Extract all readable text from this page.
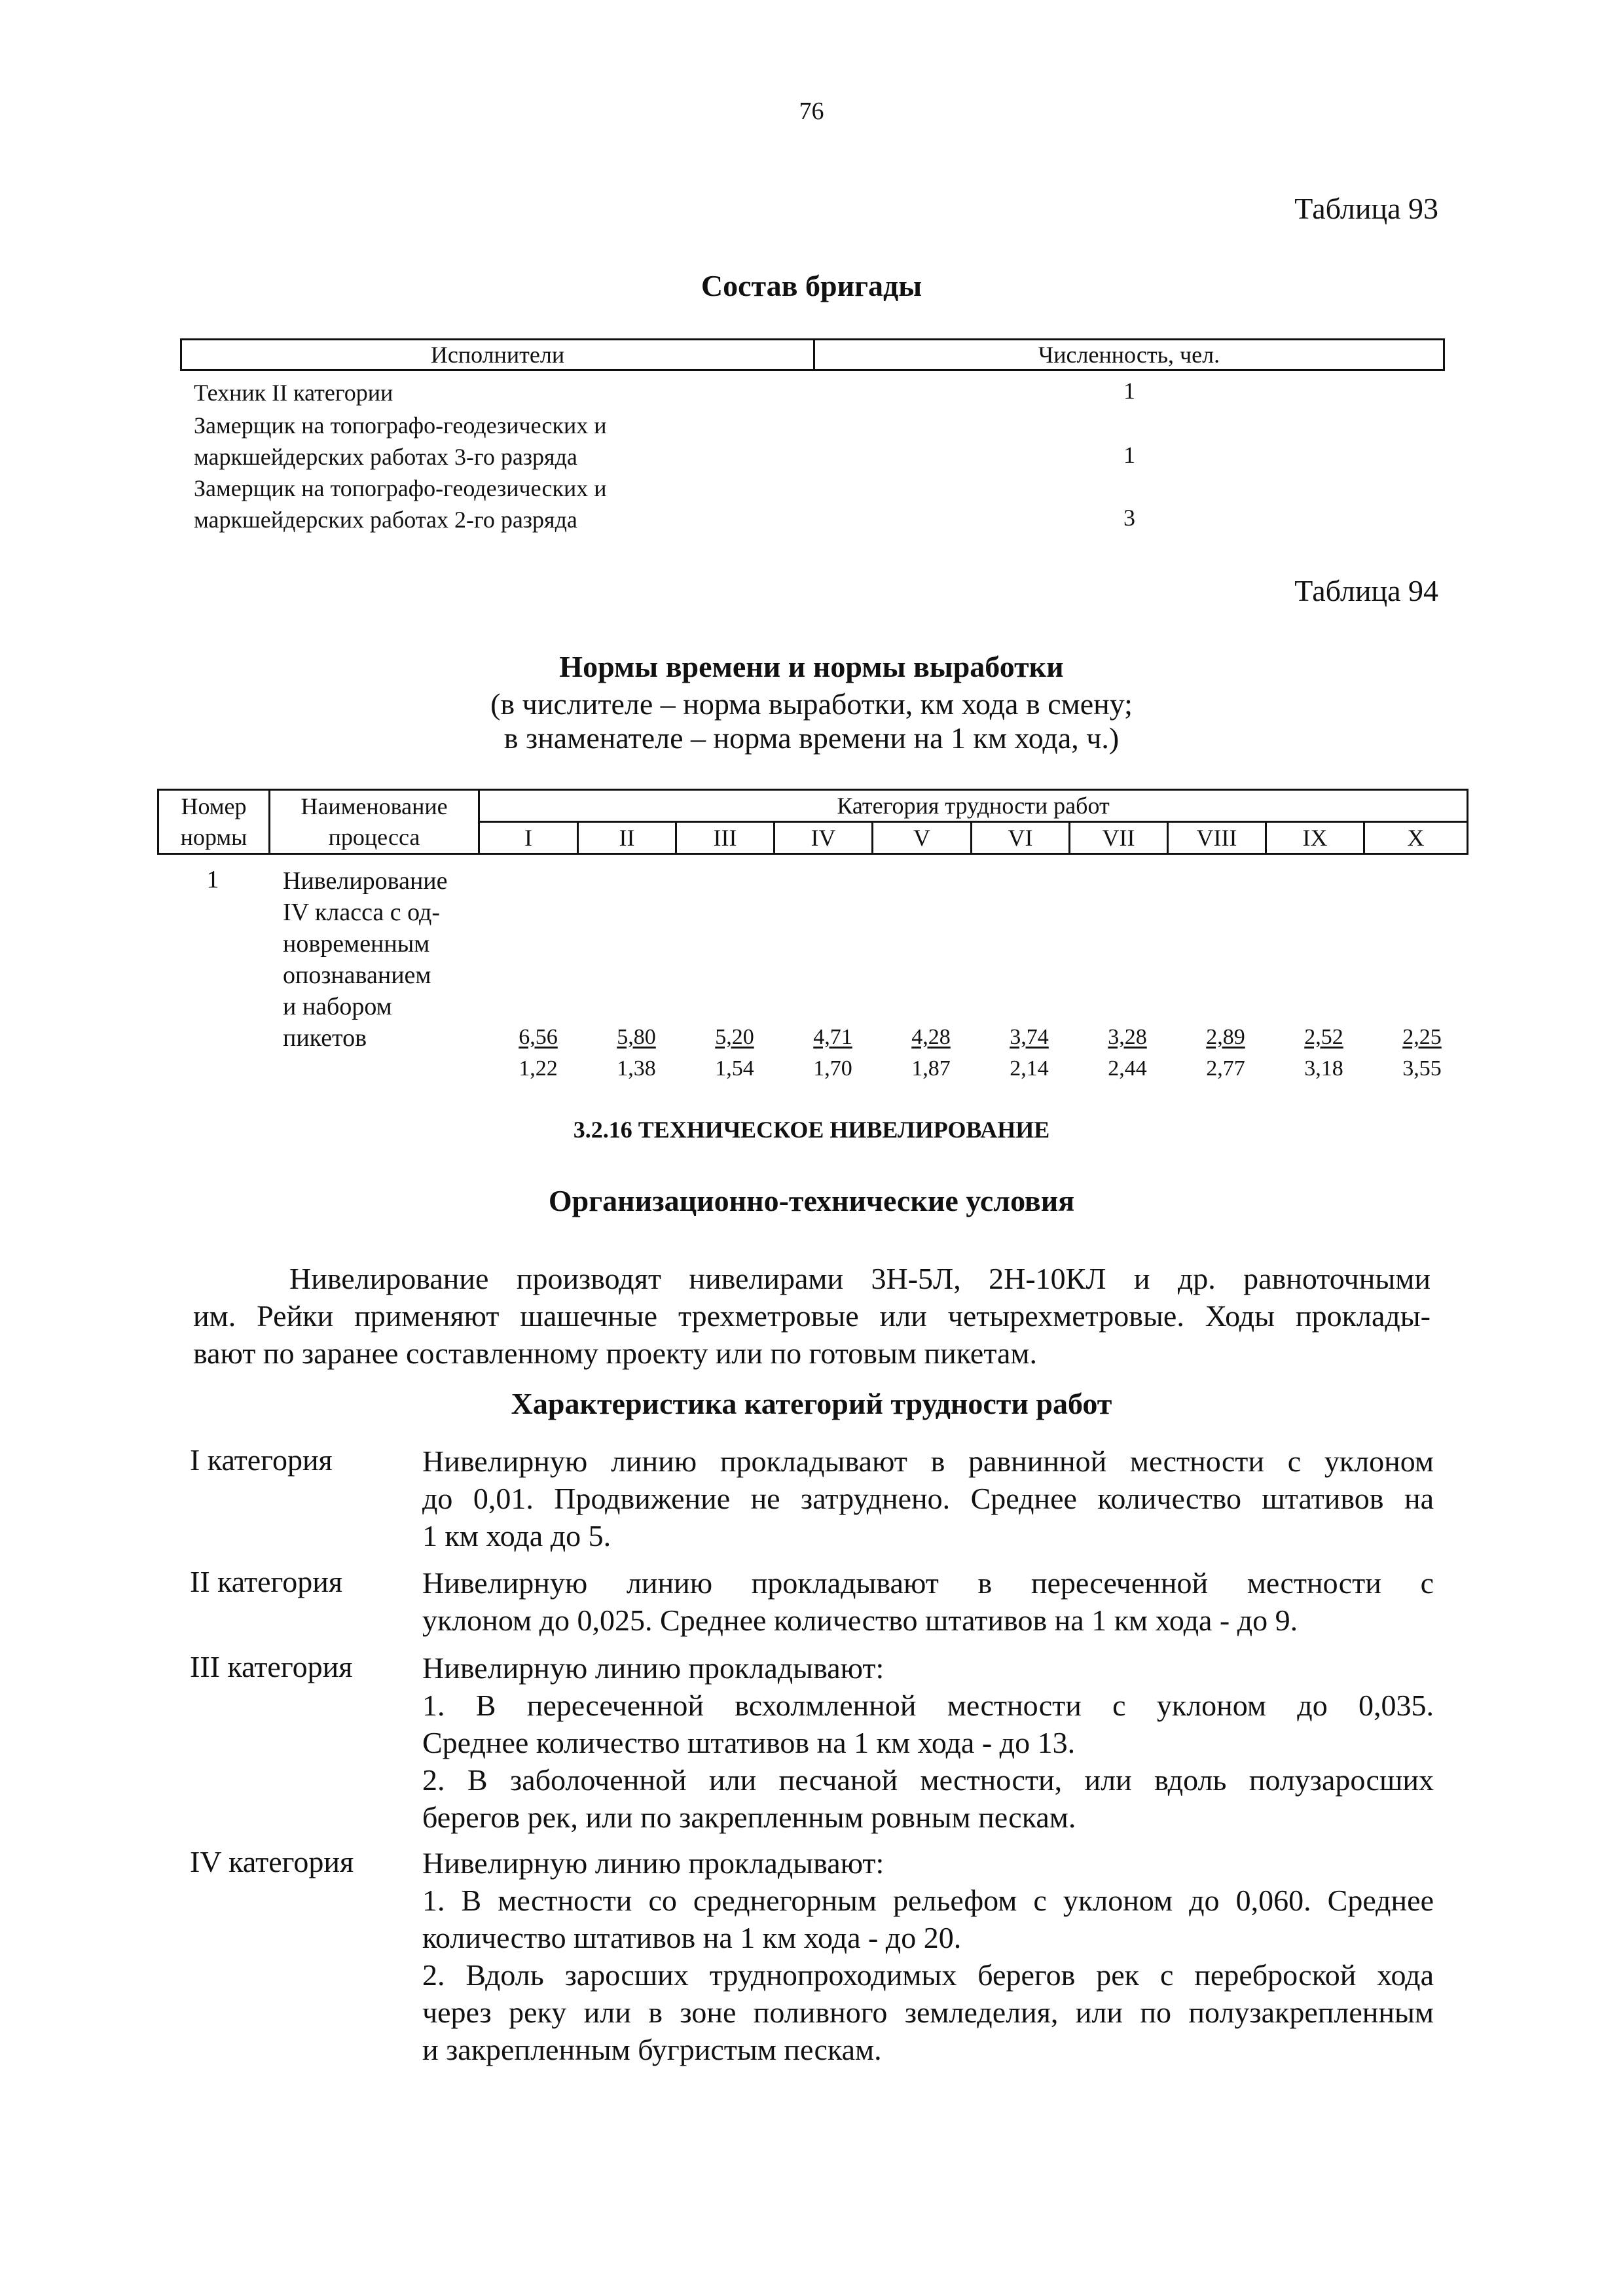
76
Таблица 93
Состав бригады
Исполнители	Численность, чел.
Техник II категории	1
Замерщик на топографо-геодезических и
маркшейдерских работах 3-го разряда	1
Замерщик на топографо-геодезических и
маркшейдерских работах 2-го разряда	3
Таблица 94
Нормы времени и нормы выработки
(в числителе – норма выработки, км хода в смену;
в знаменателе – норма времени на 1 км хода, ч.)
Номер	Наименование	Категория трудности работ									
нормы	процесса	I	II	III	IV	V	VI	VII	VIII	IX	X
1	Нивелирование
IV класса с од-
новременным
опознаванием
и набором
пикетов	$\frac{6,56}{1,22} \frac{5,80}{1,38} \frac{5,20}{1,54} \frac{4,71}{1,70} \frac{4,28}{1,87} \frac{3,74}{2,14} \frac{3,28}{2,44} \frac{2,89}{2,77} \frac{2,52}{3,18} \frac{2,25}{3,55}$
3.2.16 ТЕХНИЧЕСКОЕ НИВЕЛИРОВАНИЕ
Организационно-технические условия
Нивелирование производят нивелирами 3Н-5Л, 2Н-10КЛ и др. равноточными
им. Рейки применяют шашечные трехметровые или четырехметровые. Ходы проклады-
вают по заранее составленному проекту или по готовым пикетам.
Характеристика категорий трудности работ
I категория	Нивелирную линию прокладывают в равнинной местности с уклоном
до 0,01. Продвижение не затруднено. Среднее количество штативов на
1 км хода до 5.
II категория	Нивелирную линию прокладывают в пересеченной местности с
уклоном до 0,025. Среднее количество штативов на 1 км хода - до 9.
III категория Нивелирную линию прокладывают:
1. В пересеченной всхолмленной местности с уклоном до 0,035.
Среднее количество штативов на 1 км хода - до 13.
2. В заболоченной или песчаной местности, или вдоль полузаросших
берегов рек, или по закрепленным ровным пескам.
IV категория Нивелирную линию прокладывают:
1. В местности со среднегорным рельефом с уклоном до 0,060. Среднее
количество штативов на 1 км хода - до 20.
2. Вдоль заросших труднопроходимых берегов рек с переброской хода
через реку или в зоне поливного земледелия, или по полузакрепленным
и закрепленным бугристым пескам.
